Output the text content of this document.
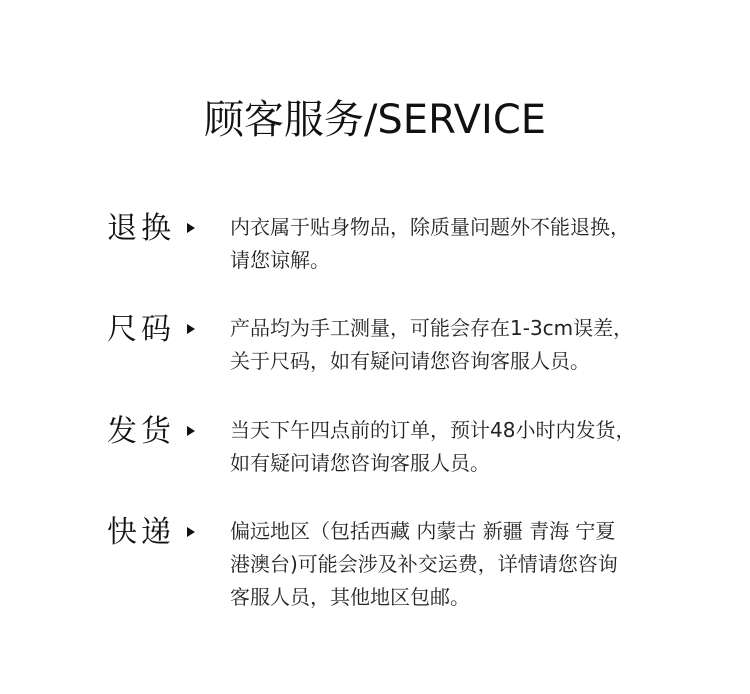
顾客服务/SERVICE
退换	内衣属于贴身物品，除质量问题外不能退换，
请您谅解。
尺码	产品均为手工测量，可能会存在1-3cm误差，
关于尺码，如有疑问请您咨询客服人员。
发货	当天下午四点前的订单，预计48小时内发货，
如有疑问请您咨询客服人员。
快递	偏远地区（包括西藏 内蒙古 新疆 青海 宁夏
港澳台)可能会涉及补交运费，详情请您咨询
客服人员，其他地区包邮。
